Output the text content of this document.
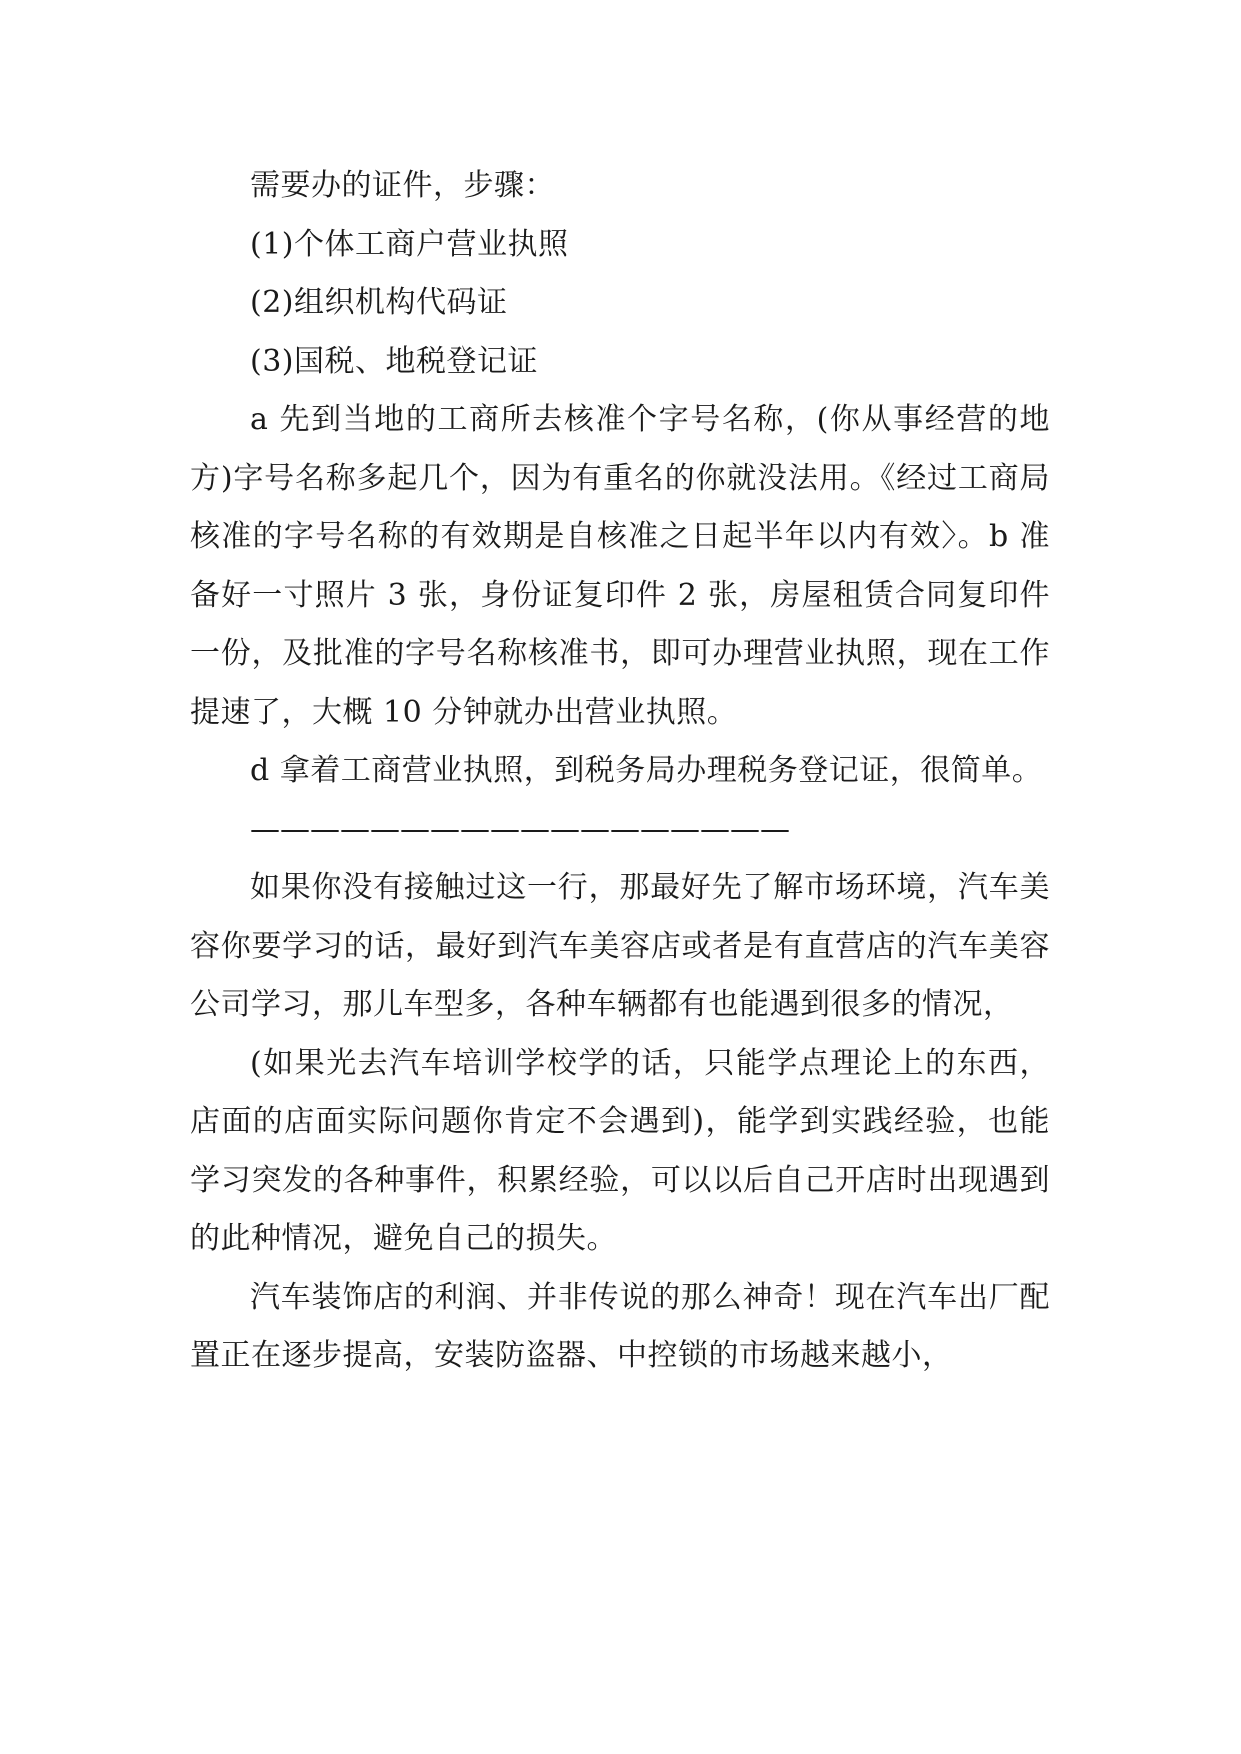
需要办的证件，步骤：

(1)个体工商户营业执照

(2)组织机构代码证

(3)国税、地税登记证

a 先到当地的工商所去核准个字号名称，(你从事经营的地方)字号名称多起几个，因为有重名的你就没法用。《经过工商局核准的字号名称的有效期是自核准之日起半年以内有效〉。b 准备好一寸照片 3 张，身份证复印件 2 张，房屋租赁合同复印件一份，及批准的字号名称核准书，即可办理营业执照，现在工作提速了，大概 10 分钟就办出营业执照。

d 拿着工商营业执照，到税务局办理税务登记证，很简单。

——————————————————

如果你没有接触过这一行，那最好先了解市场环境，汽车美容你要学习的话，最好到汽车美容店或者是有直营店的汽车美容公司学习，那儿车型多，各种车辆都有也能遇到很多的情况，

(如果光去汽车培训学校学的话，只能学点理论上的东西，店面的店面实际问题你肯定不会遇到)，能学到实践经验，也能学习突发的各种事件，积累经验，可以以后自己开店时出现遇到的此种情况，避免自己的损失。

汽车装饰店的利润、并非传说的那么神奇！现在汽车出厂配置正在逐步提高，安装防盗器、中控锁的市场越来越小，
